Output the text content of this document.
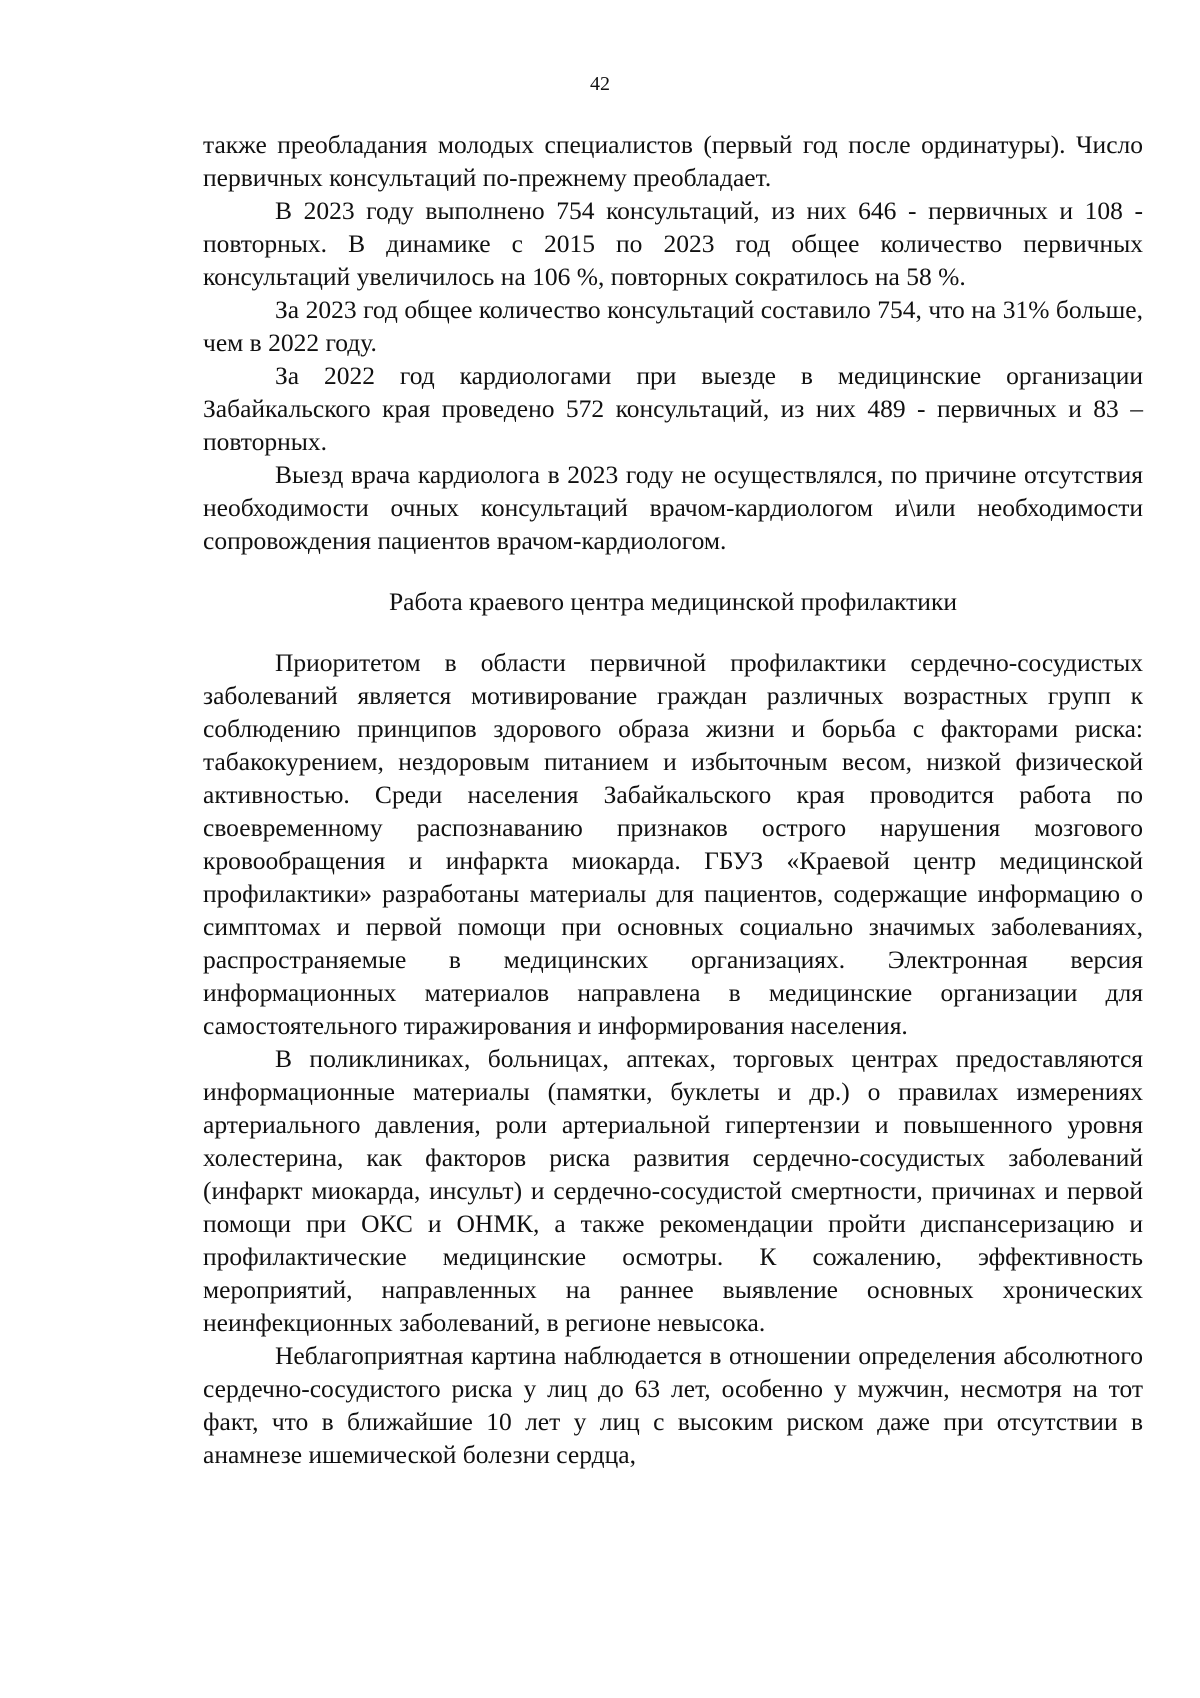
42

также преобладания молодых специалистов (первый год после ординатуры). Число первичных консультаций по-прежнему преобладает.

В 2023 году выполнено 754 консультаций, из них 646 - первичных и 108 - повторных. В динамике с 2015 по 2023 год общее количество первичных консультаций увеличилось на 106 %, повторных сократилось на 58 %.

За 2023 год общее количество консультаций составило 754, что на 31% больше, чем в 2022 году.

За 2022 год кардиологами при выезде в медицинские организации Забайкальского края проведено 572 консультаций, из них 489 - первичных и 83 – повторных.

Выезд врача кардиолога в 2023 году не осуществлялся, по причине отсутствия необходимости очных консультаций врачом-кардиологом и\или необходимости сопровождения пациентов врачом-кардиологом.

Работа краевого центра медицинской профилактики

Приоритетом в области первичной профилактики сердечно-сосудистых заболеваний является мотивирование граждан различных возрастных групп к соблюдению принципов здорового образа жизни и борьба с факторами риска: табакокурением, нездоровым питанием и избыточным весом, низкой физической активностью. Среди населения Забайкальского края проводится работа по своевременному распознаванию признаков острого нарушения мозгового кровообращения и инфаркта миокарда. ГБУЗ «Краевой центр медицинской профилактики» разработаны материалы для пациентов, содержащие информацию о симптомах и первой помощи при основных социально значимых заболеваниях, распространяемые в медицинских организациях. Электронная версия информационных материалов направлена в медицинские организации для самостоятельного тиражирования и информирования населения.

В поликлиниках, больницах, аптеках, торговых центрах предоставляются информационные материалы (памятки, буклеты и др.) о правилах измерениях артериального давления, роли артериальной гипертензии и повышенного уровня холестерина, как факторов риска развития сердечно-сосудистых заболеваний (инфаркт миокарда, инсульт) и сердечно-сосудистой смертности, причинах и первой помощи при ОКС и ОНМК, а также рекомендации пройти диспансеризацию и профилактические медицинские осмотры. К сожалению, эффективность мероприятий, направленных на раннее выявление основных хронических неинфекционных заболеваний, в регионе невысока.

Неблагоприятная картина наблюдается в отношении определения абсолютного сердечно-сосудистого риска у лиц до 63 лет, особенно у мужчин, несмотря на тот факт, что в ближайшие 10 лет у лиц с высоким риском даже при отсутствии в анамнезе ишемической болезни сердца,
